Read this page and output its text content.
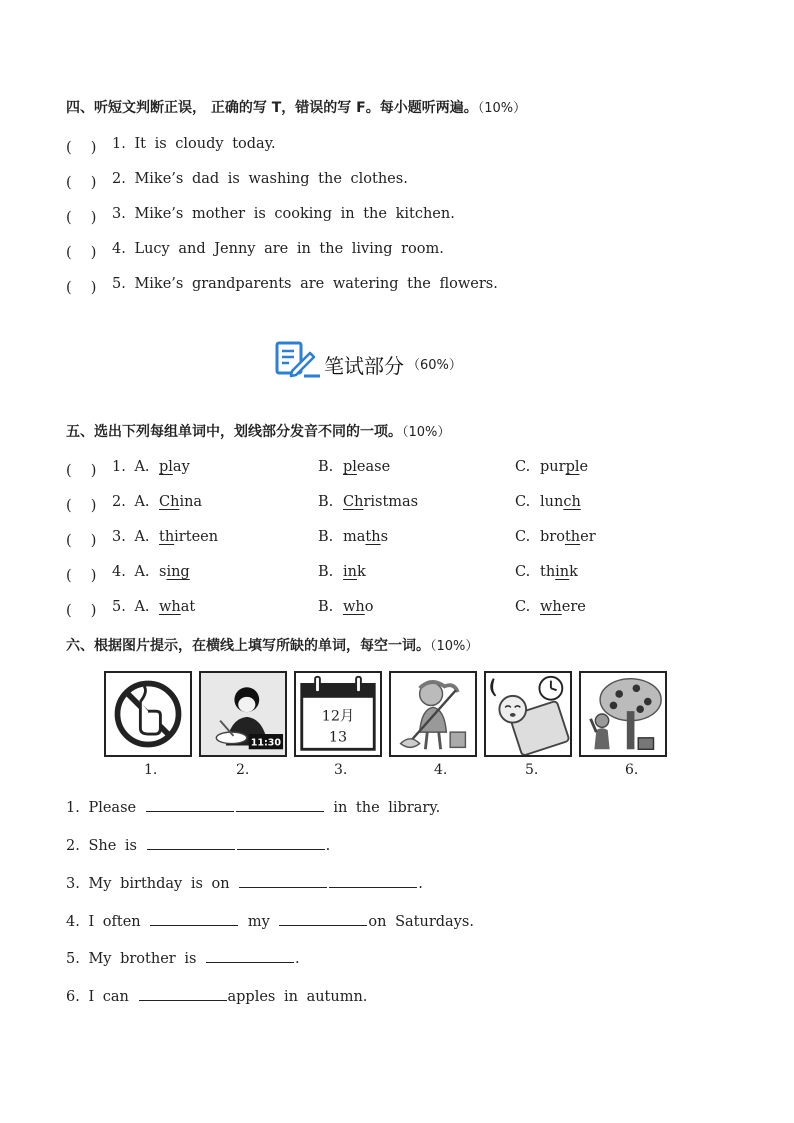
四、听短文判断正误， 正确的写 T，错误的写 F。每小题听两遍。（10%）
(　 ) 1. It is cloudy today.
(　 ) 2. Mike’s dad is washing the clothes.
(　 ) 3. Mike’s mother is cooking in the kitchen.
(　 ) 4. Lucy and Jenny are in the living room.
(　 ) 5. Mike’s grandparents are watering the flowers.
笔试部分 （60%）
五、选出下列每组单词中，划线部分发音不同的一项。（10%）
(　 ) 1. A. play	B. please	C. purple
(　 ) 2. A. China	B. Christmas	C. lunch
(　 ) 3. A. thirteen	B. maths	C. brother
(　 ) 4. A. sing	B. ink	C. think
(　 ) 5. A. what	B. who	C. where
六、根据图片提示，在横线上填写所缺的单词，每空一词。（10%）
11:30
12月
13
1.	2.	3.	4.	5.	6.
1. Please	in the library.
2. She is	.
3. My birthday is on	.
4. I often	my	on Saturdays.
5. My brother is	.
6. I can	apples in autumn.
